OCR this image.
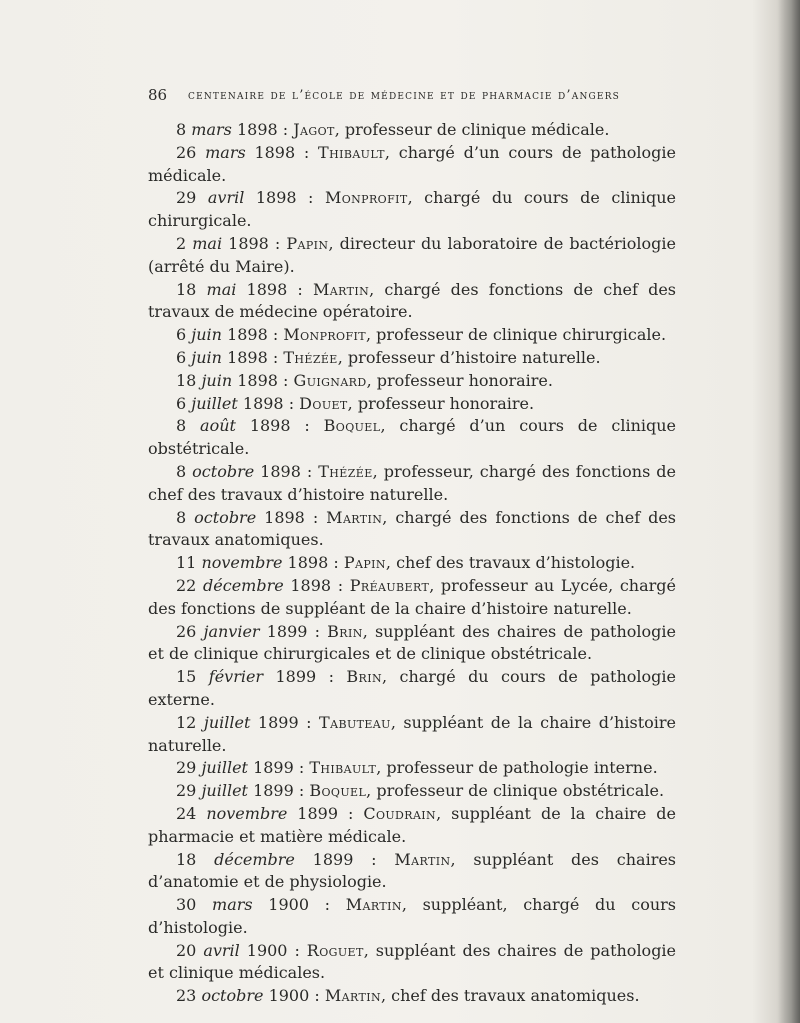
86 centenaire de l’école de médecine et de pharmacie d’angers

8 mars 1898 : Jagot, professeur de clinique médicale.

26 mars 1898 : Thibault, chargé d’un cours de pathologie médicale.

29 avril 1898 : Monprofit, chargé du cours de clinique chirurgicale.

2 mai 1898 : Papin, directeur du laboratoire de bactériologie (arrêté du Maire).

18 mai 1898 : Martin, chargé des fonctions de chef des travaux de médecine opératoire.

6 juin 1898 : Monprofit, professeur de clinique chirurgicale.

6 juin 1898 : Thézée, professeur d’histoire naturelle.

18 juin 1898 : Guignard, professeur honoraire.

6 juillet 1898 : Douet, professeur honoraire.

8 août 1898 : Boquel, chargé d’un cours de clinique obstétricale.

8 octobre 1898 : Thézée, professeur, chargé des fonctions de chef des travaux d’histoire naturelle.

8 octobre 1898 : Martin, chargé des fonctions de chef des travaux anatomiques.

11 novembre 1898 : Papin, chef des travaux d’histologie.

22 décembre 1898 : Préaubert, professeur au Lycée, chargé des fonctions de suppléant de la chaire d’histoire naturelle.

26 janvier 1899 : Brin, suppléant des chaires de pathologie et de clinique chirurgicales et de clinique obstétricale.

15 février 1899 : Brin, chargé du cours de pathologie externe.

12 juillet 1899 : Tabuteau, suppléant de la chaire d’histoire naturelle.

29 juillet 1899 : Thibault, professeur de pathologie interne.

29 juillet 1899 : Boquel, professeur de clinique obstétricale.

24 novembre 1899 : Coudrain, suppléant de la chaire de pharmacie et matière médicale.

18 décembre 1899 : Martin, suppléant des chaires d’anatomie et de physiologie.

30 mars 1900 : Martin, suppléant, chargé du cours d’histologie.

20 avril 1900 : Roguet, suppléant des chaires de pathologie et clinique médicales.

23 octobre 1900 : Martin, chef des travaux anatomiques.
